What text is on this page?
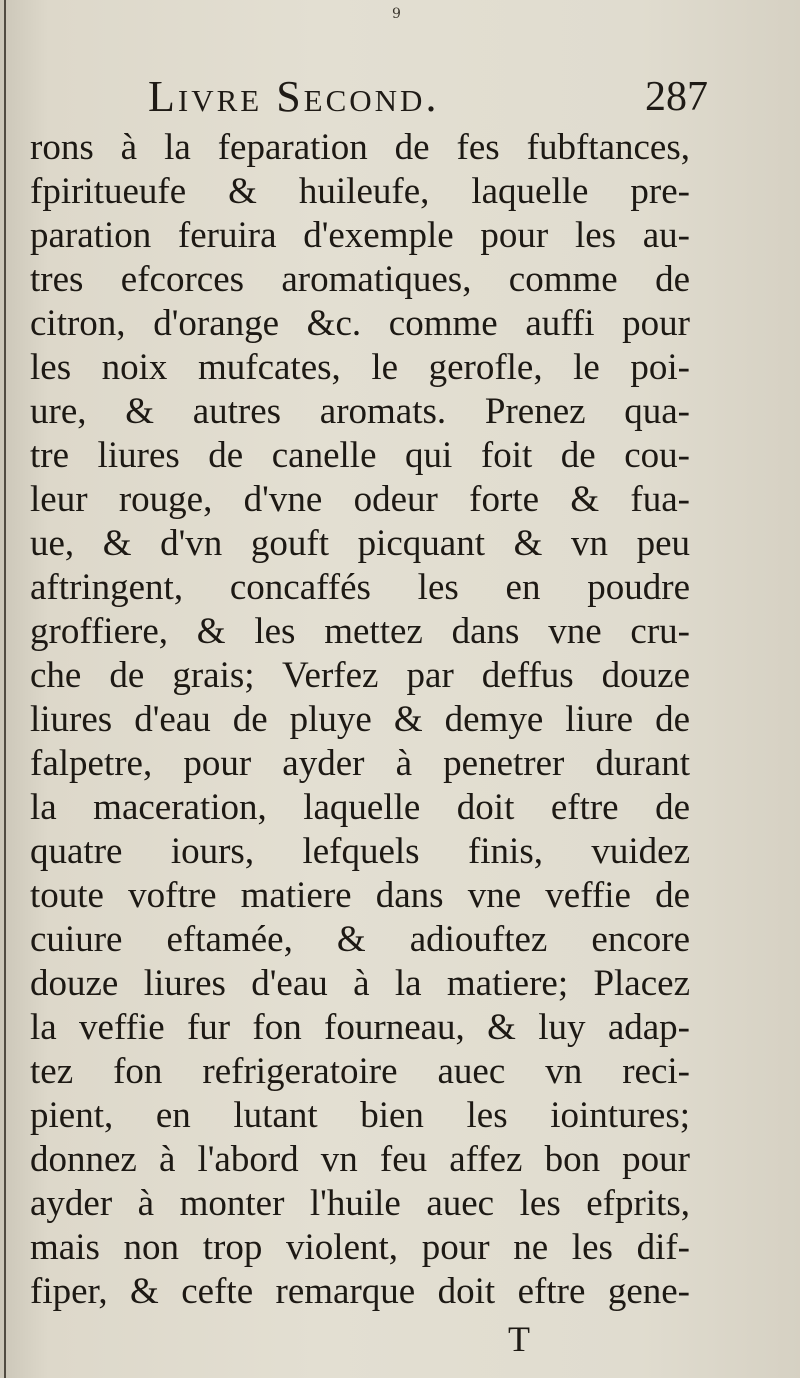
9
Livre Second.	287
rons à la feparation de fes fubftances,
fpiritueufe & huileufe, laquelle pre-
paration feruira d'exemple pour les au-
tres efcorces aromatiques, comme de
citron, d'orange &c. comme auffi pour
les noix mufcates, le gerofle, le poi-
ure, & autres aromats. Prenez qua-
tre liures de canelle qui foit de cou-
leur rouge, d'vne odeur forte & fua-
ue, & d'vn gouft picquant & vn peu
aftringent, concaffés les en poudre
groffiere, & les mettez dans vne cru-
che de grais; Verfez par deffus douze
liures d'eau de pluye & demye liure de
falpetre, pour ayder à penetrer durant
la maceration, laquelle doit eftre de
quatre iours, lefquels finis, vuidez
toute voftre matiere dans vne veffie de
cuiure eftamée, & adiouftez encore
douze liures d'eau à la matiere; Placez
la veffie fur fon fourneau, & luy adap-
tez fon refrigeratoire auec vn reci-
pient, en lutant bien les iointures;
donnez à l'abord vn feu affez bon pour
ayder à monter l'huile auec les efprits,
mais non trop violent, pour ne les dif-
fiper, & cefte remarque doit eftre gene-
T
